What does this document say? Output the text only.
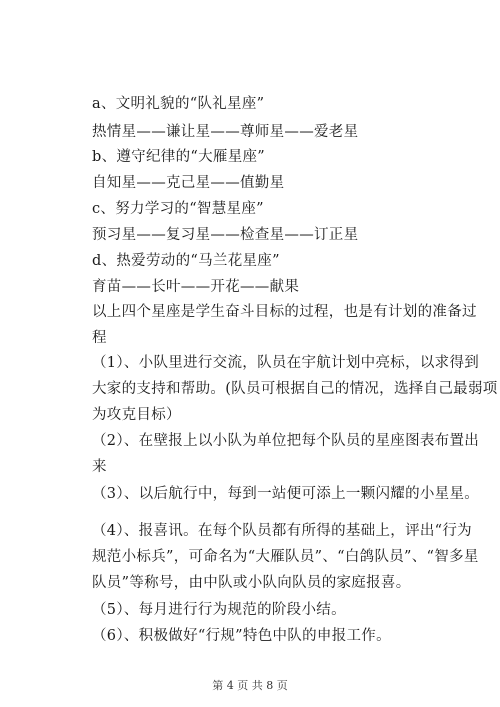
a、文明礼貌的“队礼星座”
热情星——谦让星——尊师星——爱老星
b、遵守纪律的“大雁星座”
自知星——克己星——值勤星
c、努力学习的“智慧星座”
预习星——复习星——检查星——订正星
d、热爱劳动的“马兰花星座”
育苗——长叶——开花——献果
以上四个星座是学生奋斗目标的过程，也是有计划的准备过
程
（1）、小队里进行交流，队员在宇航计划中亮标，以求得到
大家的支持和帮助。(队员可根据自己的情况，选择自己最弱项
为攻克目标）
（2）、在壁报上以小队为单位把每个队员的星座图表布置出
来
（3）、以后航行中，每到一站便可添上一颗闪耀的小星星。
（4）、报喜讯。在每个队员都有所得的基础上，评出“行为
规范小标兵”，可命名为“大雁队员”、“白鸽队员”、“智多星
队员”等称号，由中队或小队向队员的家庭报喜。
（5）、每月进行行为规范的阶段小结。
（6）、积极做好“行规”特色中队的申报工作。
第 4 页 共 8 页
